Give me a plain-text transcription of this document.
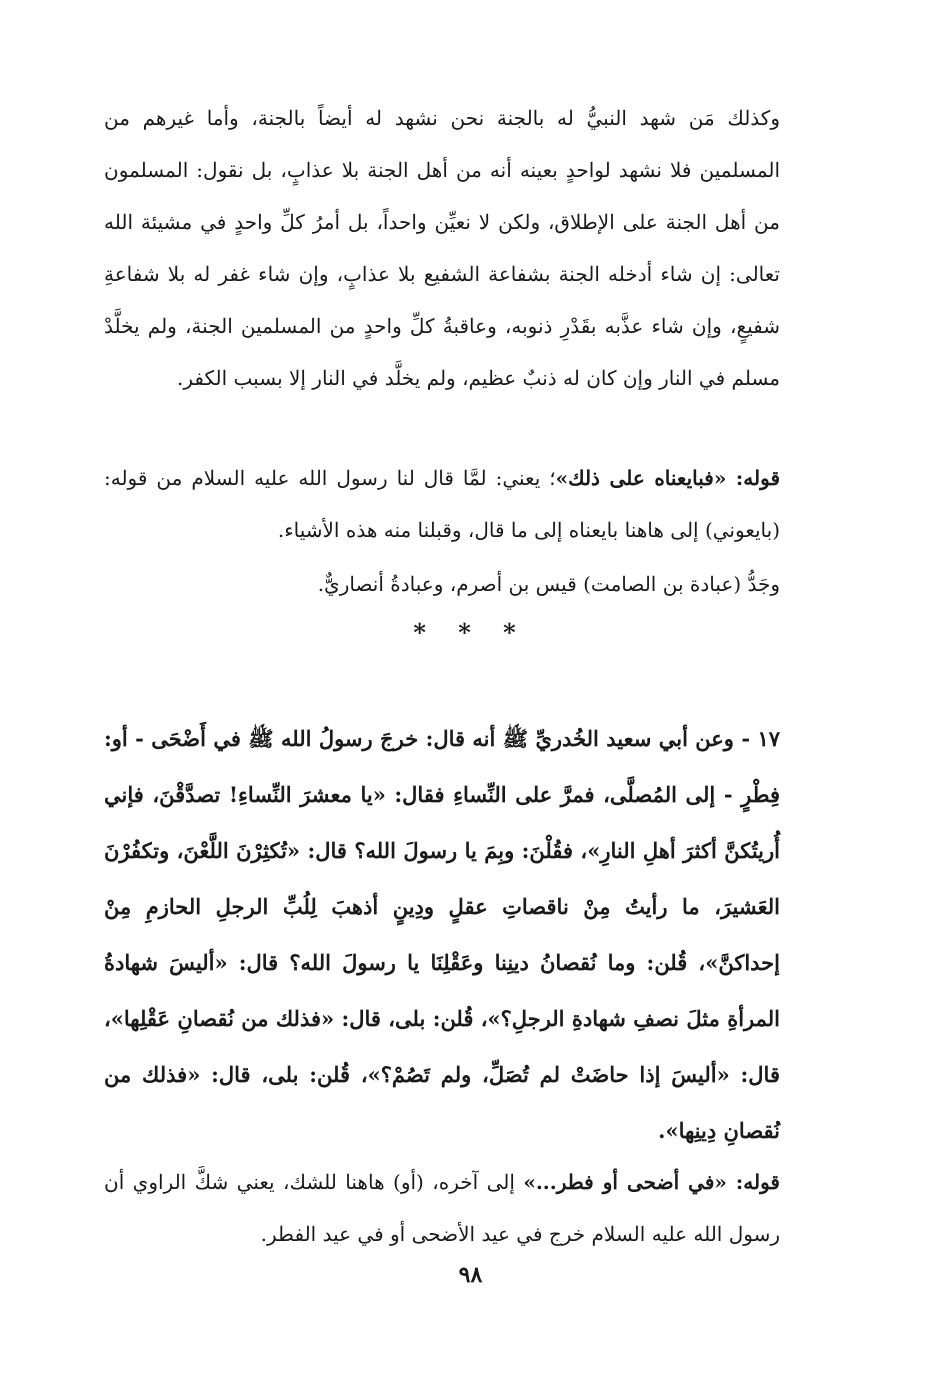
وكذلك مَن شهد النبيُّ له بالجنة نحن نشهد له أيضاً بالجنة، وأما غيرهم من المسلمين فلا نشهد لواحدٍ بعينه أنه من أهل الجنة بلا عذابٍ، بل نقول: المسلمون من أهل الجنة على الإطلاق، ولكن لا نعيِّن واحداً، بل أمرُ كلِّ واحدٍ في مشيئة الله تعالى: إن شاء أدخله الجنة بشفاعة الشفيع بلا عذابٍ، وإن شاء غفر له بلا شفاعةِ شفيعٍ، وإن شاء عذَّبه بقَدْرِ ذنوبه، وعاقبةُ كلِّ واحدٍ من المسلمين الجنة، ولم يخلَّدْ مسلم في النار وإن كان له ذنبٌ عظيم، ولم يخلَّد في النار إلا بسبب الكفر.

قوله: «فبايعناه على ذلك»؛ يعني: لمَّا قال لنا رسول الله عليه السلام من قوله: (بايعوني) إلى هاهنا بايعناه إلى ما قال، وقبلنا منه هذه الأشياء.

وجَدُّ (عبادة بن الصامت) قيس بن أصرم، وعبادةُ أنصاريٌّ.

* * *

١٧ - وعن أبي سعيد الخُدريِّ ﷺ أنه قال: خرجَ رسولُ الله ﷺ في أَضْحَى - أو: فِطْرٍ - إلى المُصلَّى، فمرَّ على النِّساءِ فقال: «يا معشرَ النِّساءِ! تصدَّقْنَ، فإني أُريتُكنَّ أكثرَ أهلِ النارِ»، فقُلْنَ: وبِمَ يا رسولَ الله؟ قال: «تُكثِرْنَ اللَّعْنَ، وتكفُرْنَ العَشيرَ، ما رأيتُ مِنْ ناقصاتِ عقلٍ ودِينٍ أذهبَ لِلُبِّ الرجلِ الحازمِ مِنْ إحداكنَّ»، قُلن: وما نُقصانُ دينِنا وعَقْلِنَا يا رسولَ الله؟ قال: «أليسَ شهادةُ المرأةِ مثلَ نصفِ شهادةِ الرجلِ؟»، قُلن: بلى، قال: «فذلك من نُقصانِ عَقْلِها»، قال: «أليسَ إذا حاضَتْ لم تُصَلِّ، ولم تَصُمْ؟»، قُلن: بلى، قال: «فذلك من نُقصانِ دِينِها».

قوله: «في أضحى أو فطر...» إلى آخره، (أو) هاهنا للشك، يعني شكَّ الراوي أن رسول الله عليه السلام خرج في عيد الأضحى أو في عيد الفطر.

٩٨
